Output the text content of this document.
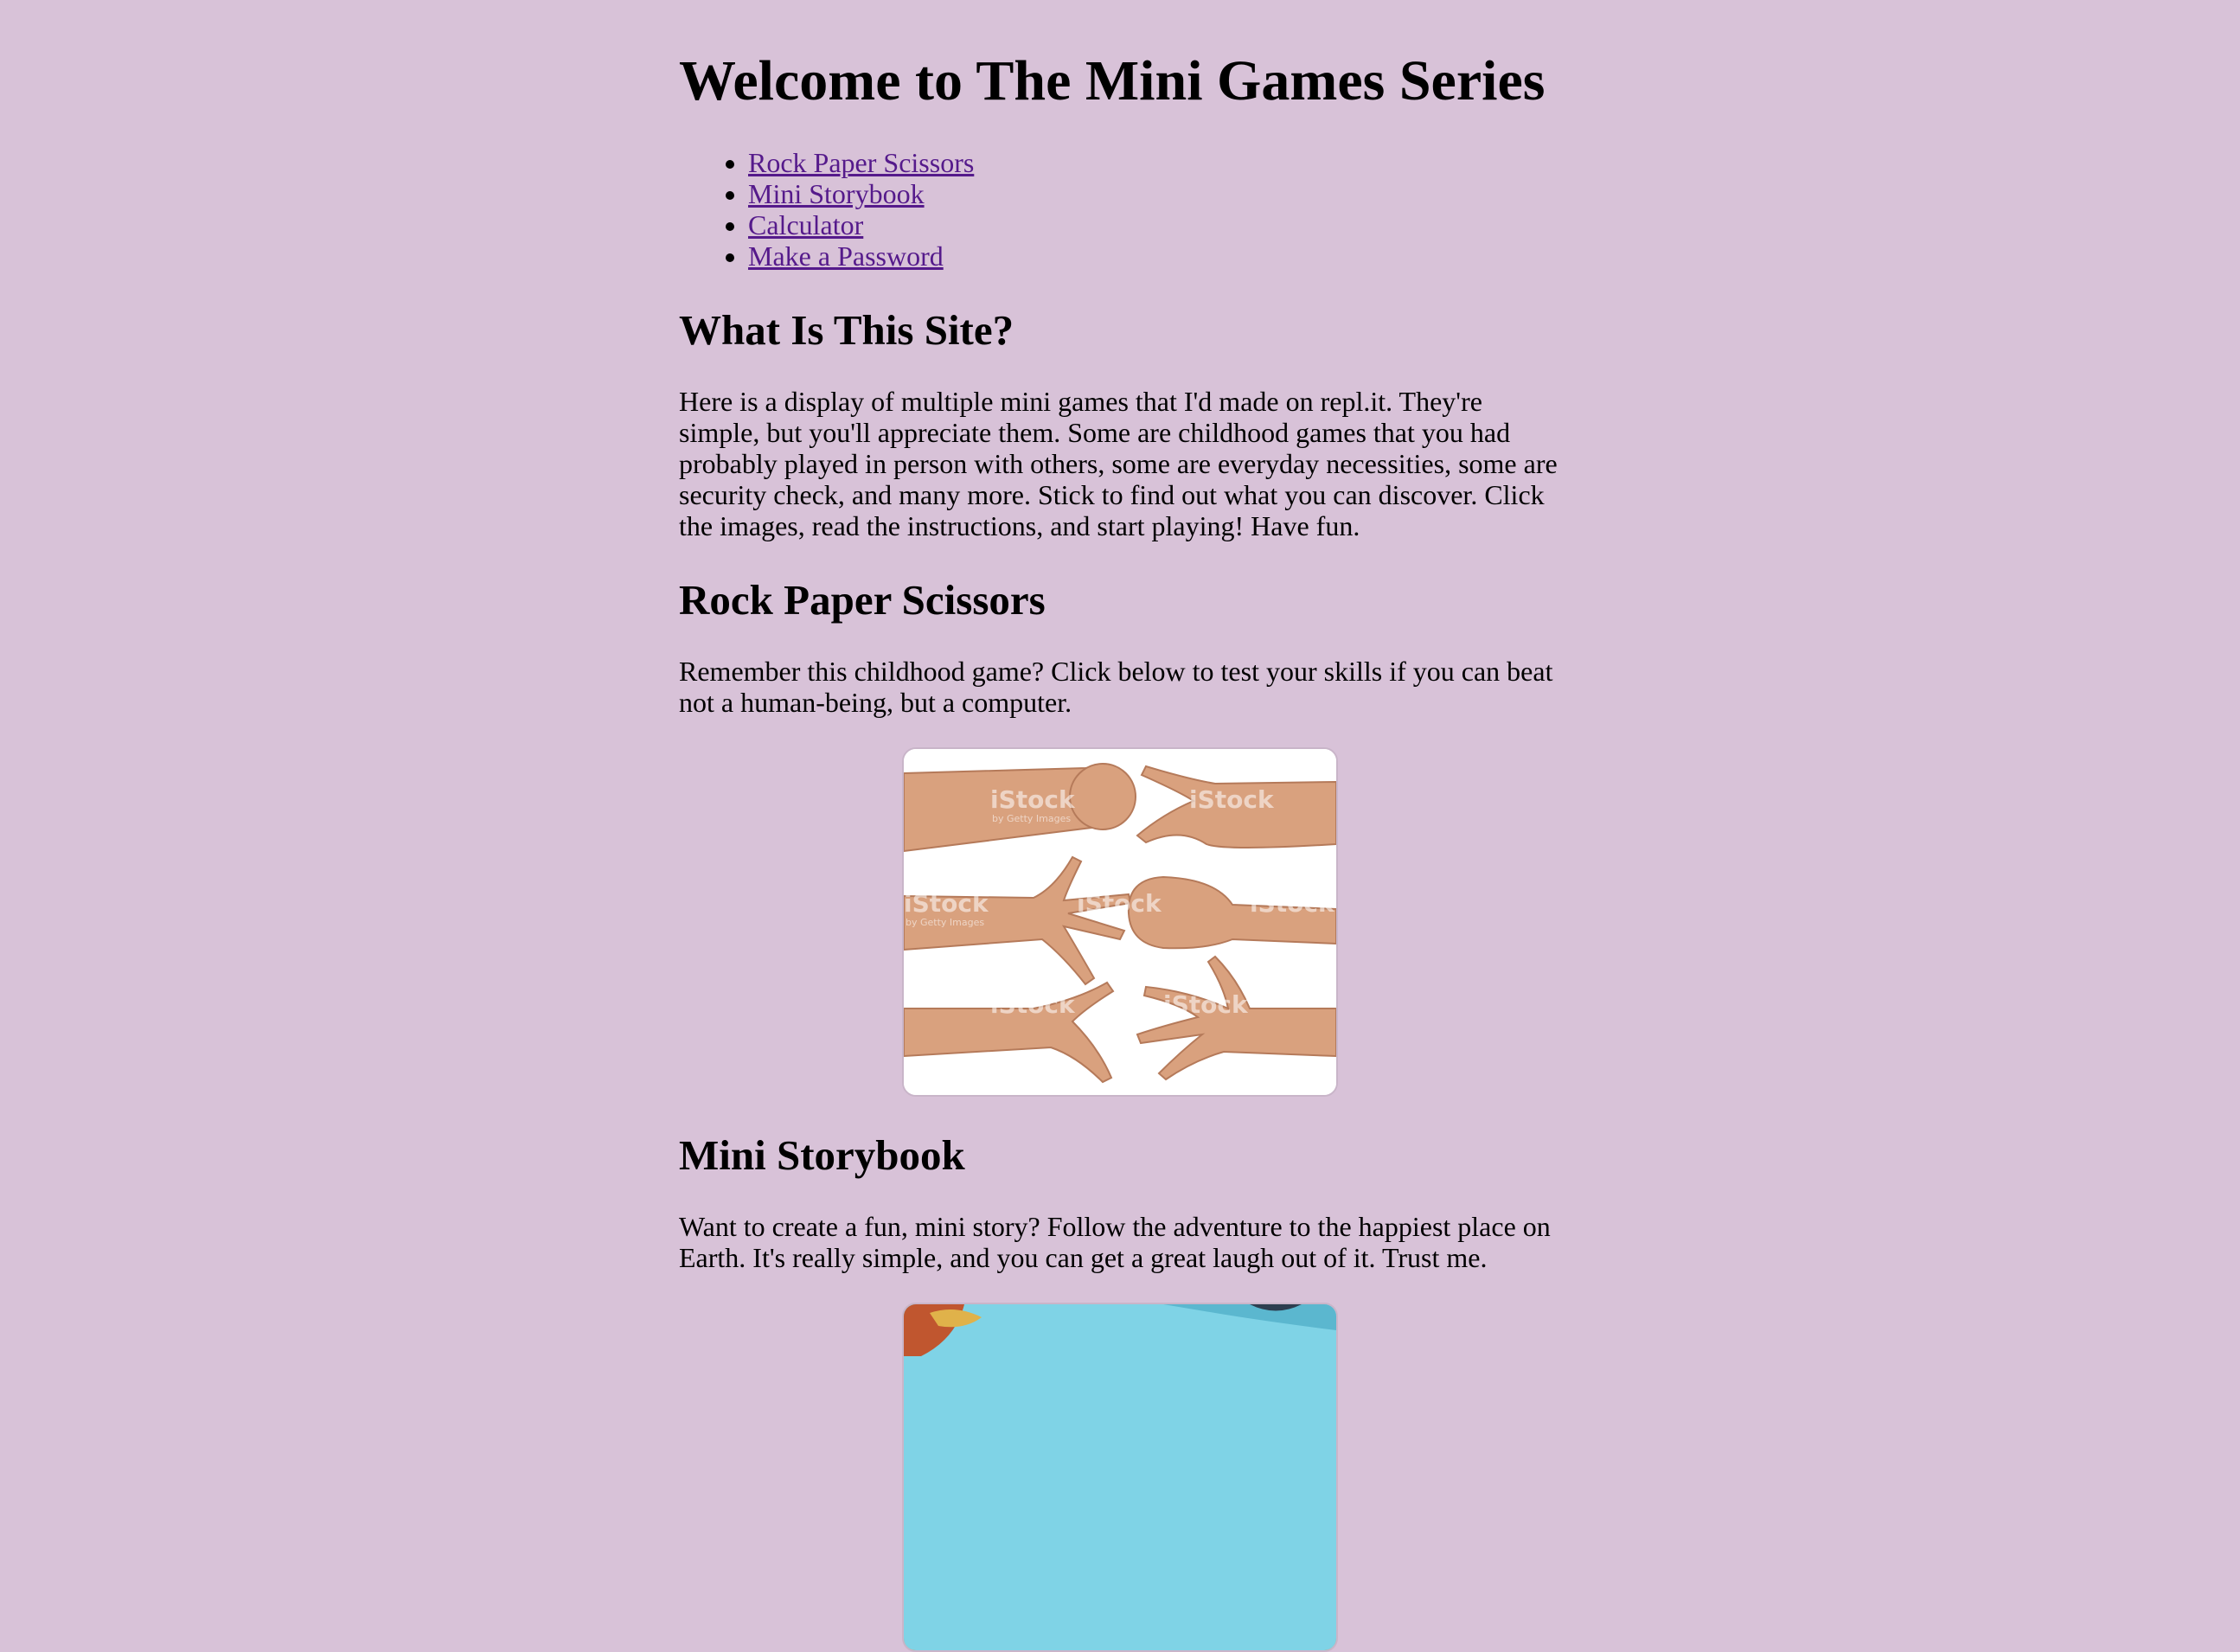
Welcome to The Mini Games Series
• Rock Paper Scissors
• Mini Storybook
• Calculator
• Make a Password
What Is This Site?

Here is a display of multiple mini games that I'd made on repl.it. They're simple, but you'll appreciate them. Some are childhood games that you had probably played in person with others, some are everyday necessities, some are security check, and many more. Stick to find out what you can discover. Click the images, read the instructions, and start playing! Have fun.

Rock Paper Scissors

Remember this childhood game? Click below to test your skills if you can beat not a human-being, but a computer.

iStock	iStock
iStock	iStock	iStock
iStock	iStock
by Getty Images
by Getty Images
Mini Storybook

Want to create a fun, mini story? Follow the adventure to the happiest place on Earth. It's really simple, and you can get a great laugh out of it. Trust me.
